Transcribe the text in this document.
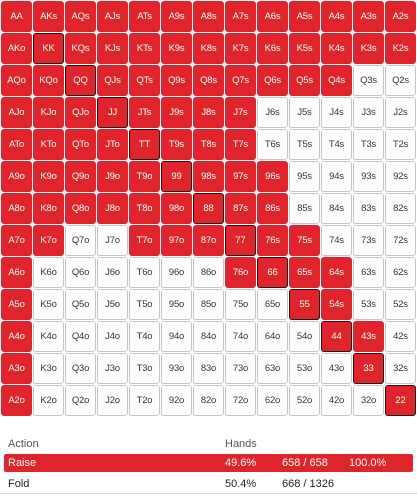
AA	AKs	AQs	AJs	ATs	A9s	A8s	A7s	A6s	A5s	A4s	A3s	A2s
AKo	KK	KQs	KJs	KTs	K9s	K8s	K7s	K6s	K5s	K4s	K3s	K2s
AQo	KQo	QQ	QJs	QTs	Q9s	Q8s	Q7s	Q6s	Q5s	Q4s	Q3s	Q2s
AJo	KJo	QJo	JJ	JTs	J9s	J8s	J7s	J6s	J5s	J4s	J3s	J2s
ATo	KTo	QTo	JTo	TT	T9s	T8s	T7s	T6s	T5s	T4s	T3s	T2s
A9o	K9o	Q9o	J9o	T9o	99	98s	97s	96s	95s	94s	93s	92s
A8o	K8o	Q8o	J8o	T8o	98o	88	87s	86s	85s	84s	83s	82s
A7o	K7o	Q7o	J7o	T7o	97o	87o	77	76s	75s	74s	73s	72s
A6o	K6o	Q6o	J6o	T6o	96o	86o	76o	66	65s	64s	63s	62s
A5o	K5o	Q5o	J5o	T5o	95o	85o	75o	65o	55	54s	53s	52s
A4o	K4o	Q4o	J4o	T4o	94o	84o	74o	64o	54o	44	43s	42s
A3o	K3o	Q3o	J3o	T3o	93o	83o	73o	63o	53o	43o	33	32s
A2o	K2o	Q2o	J2o	T2o	92o	82o	72o	62o	52o	42o	32o	22
Action	Hands
Raise	49.6% 658 / 658 100.0%
Fold	50.4% 668 / 1326
